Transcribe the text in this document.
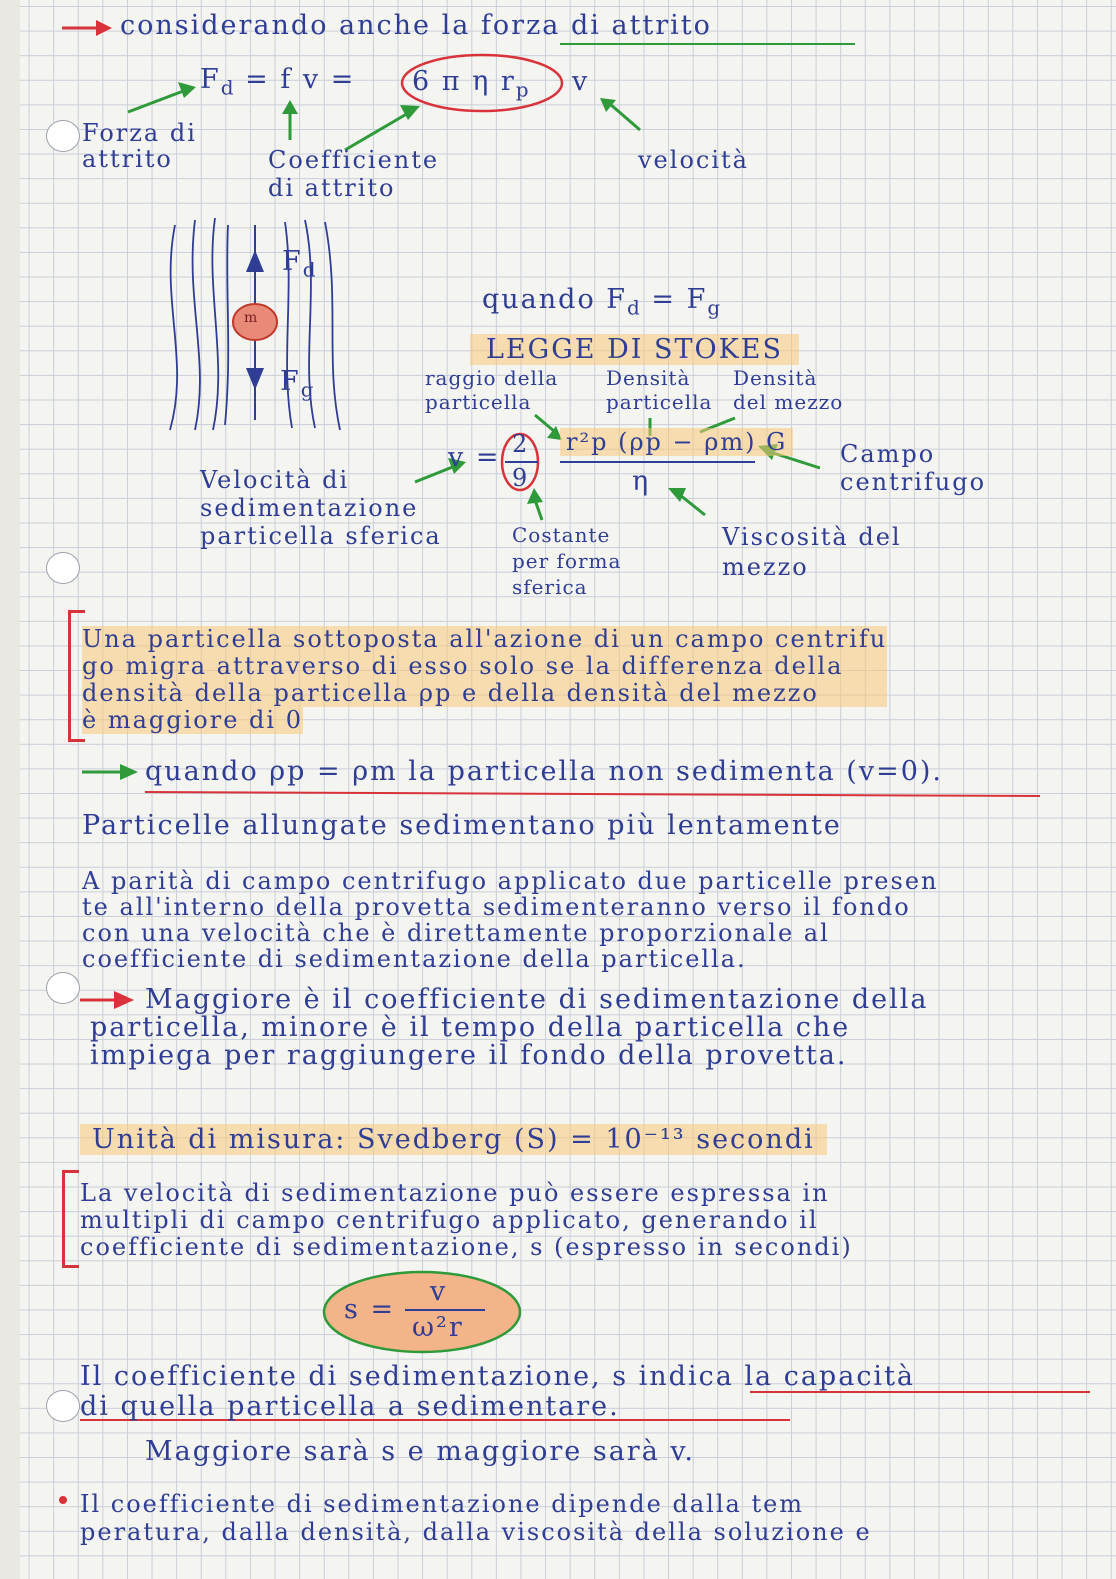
considerando anche la forza di attrito
$F_d = f$ v = 6 π η $r_p$ v
Forza di
attrito	Coefficiente
di attrito
velocità
m
$F_d$
$F_g$
quando $F_d = F_g$
LEGGE DI STOKES
raggio della
particella
Densità
particella
Densità
del mezzo
v = 2
9
r²p (ρp − ρm) G
η
Campo
centrifugo
Viscosità del
mezzo
Costante
per forma
sferica
Velocità di
sedimentazione
particella sferica
Una particella sottoposta all'azione di un campo centrifu
go migra attraverso di esso solo se la differenza della
densità della particella ρp e della densità del mezzo
è maggiore di 0
quando ρp = ρm la particella non sedimenta (v=0).
Particelle allungate sedimentano più lentamente
A parità di campo centrifugo applicato due particelle presen
te all'interno della provetta sedimenteranno verso il fondo
con una velocità che è direttamente proporzionale al
coefficiente di sedimentazione della particella.
Maggiore è il coefficiente di sedimentazione della
particella, minore è il tempo della particella che
impiega per raggiungere il fondo della provetta.
Unità di misura: Svedberg (S) = 10⁻¹³ secondi
La velocità di sedimentazione può essere espressa in
multipli di campo centrifugo applicato, generando il
coefficiente di sedimentazione, s (espresso in secondi)
s =
v
ω²r
Il coefficiente di sedimentazione, s indica la capacità
di quella particella a sedimentare.
Maggiore sarà s e maggiore sarà v.
Il coefficiente di sedimentazione dipende dalla tem
peratura, dalla densità, dalla viscosità della soluzione e
